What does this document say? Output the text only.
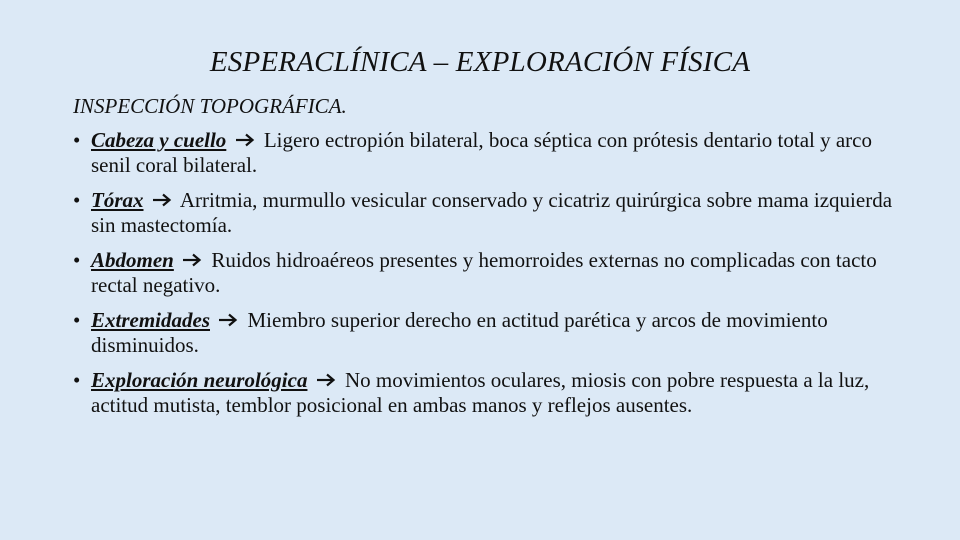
ESPERACLÍNICA – EXPLORACIÓN FÍSICA
INSPECCIÓN TOPOGRÁFICA.
• Cabeza y cuello Ligero ectropión bilateral, boca séptica con prótesis dentario total y arco senil coral bilateral.
• Tórax Arritmia, murmullo vesicular conservado y cicatriz quirúrgica sobre mama izquierda sin mastectomía.
• Abdomen Ruidos hidroaéreos presentes y hemorroides externas no complicadas con tacto rectal negativo.
• Extremidades Miembro superior derecho en actitud parética y arcos de movimiento disminuidos.
• Exploración neurológica No movimientos oculares, miosis con pobre respuesta a la luz, actitud mutista, temblor posicional en ambas manos y reflejos ausentes.
